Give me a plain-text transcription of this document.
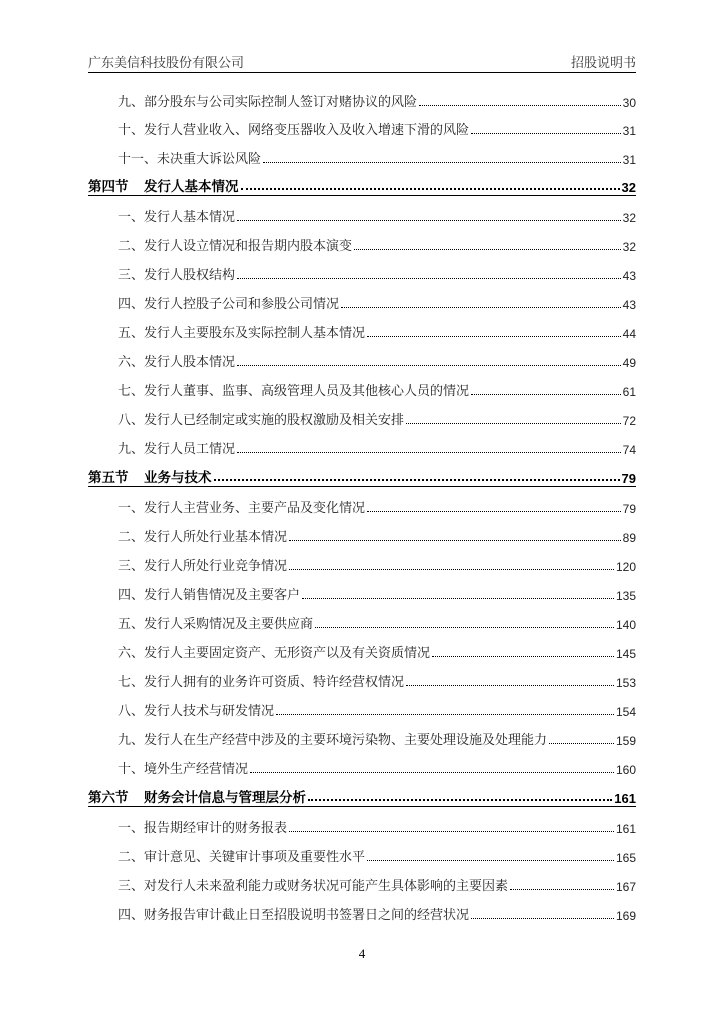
广东美信科技股份有限公司	招股说明书
九、部分股东与公司实际控制人签订对赌协议的风险	30
十、发行人营业收入、网络变压器收入及收入增速下滑的风险	31
十一、未决重大诉讼风险	31
第四节 发行人基本情况	32
一、发行人基本情况	32
二、发行人设立情况和报告期内股本演变	32
三、发行人股权结构	43
四、发行人控股子公司和参股公司情况	43
五、发行人主要股东及实际控制人基本情况	44
六、发行人股本情况	49
七、发行人董事、监事、高级管理人员及其他核心人员的情况	61
八、发行人已经制定或实施的股权激励及相关安排	72
九、发行人员工情况	74
第五节 业务与技术	79
一、发行人主营业务、主要产品及变化情况	79
二、发行人所处行业基本情况	89
三、发行人所处行业竞争情况	120
四、发行人销售情况及主要客户	135
五、发行人采购情况及主要供应商	140
六、发行人主要固定资产、无形资产以及有关资质情况	145
七、发行人拥有的业务许可资质、特许经营权情况	153
八、发行人技术与研发情况	154
九、发行人在生产经营中涉及的主要环境污染物、主要处理设施及处理能力	159
十、境外生产经营情况	160
第六节 财务会计信息与管理层分析	161
一、报告期经审计的财务报表	161
二、审计意见、关键审计事项及重要性水平	165
三、对发行人未来盈利能力或财务状况可能产生具体影响的主要因素	167
四、财务报告审计截止日至招股说明书签署日之间的经营状况	169
4
